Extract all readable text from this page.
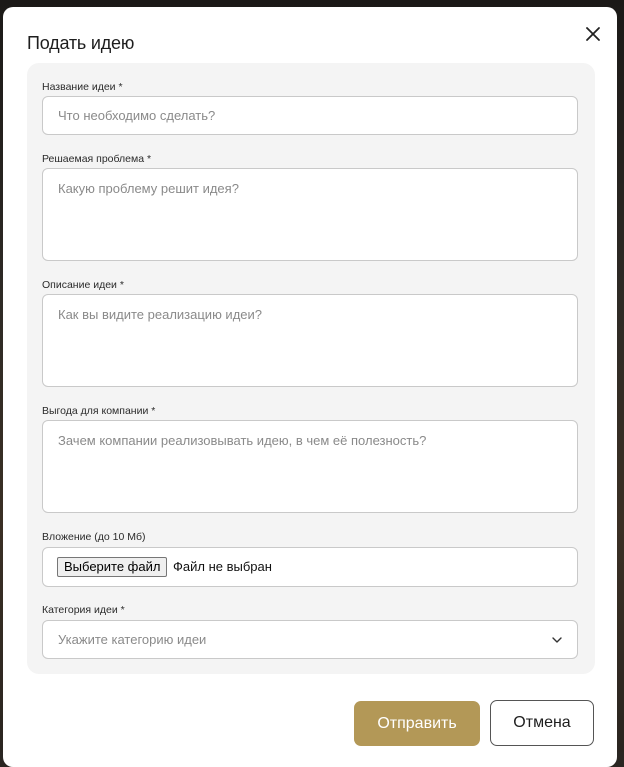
Подать идею
Название идеи *
Что необходимо сделать?
Решаемая проблема *
Какую проблему решит идея?
Описание идеи *
Как вы видите реализацию идеи?
Выгода для компании *
Зачем компании реализовывать идею, в чем её полезность?
Вложение (до 10 Мб)
Выберите файл Файл не выбран
Категория идеи *
Укажите категорию идеи
Отправить	Отмена
